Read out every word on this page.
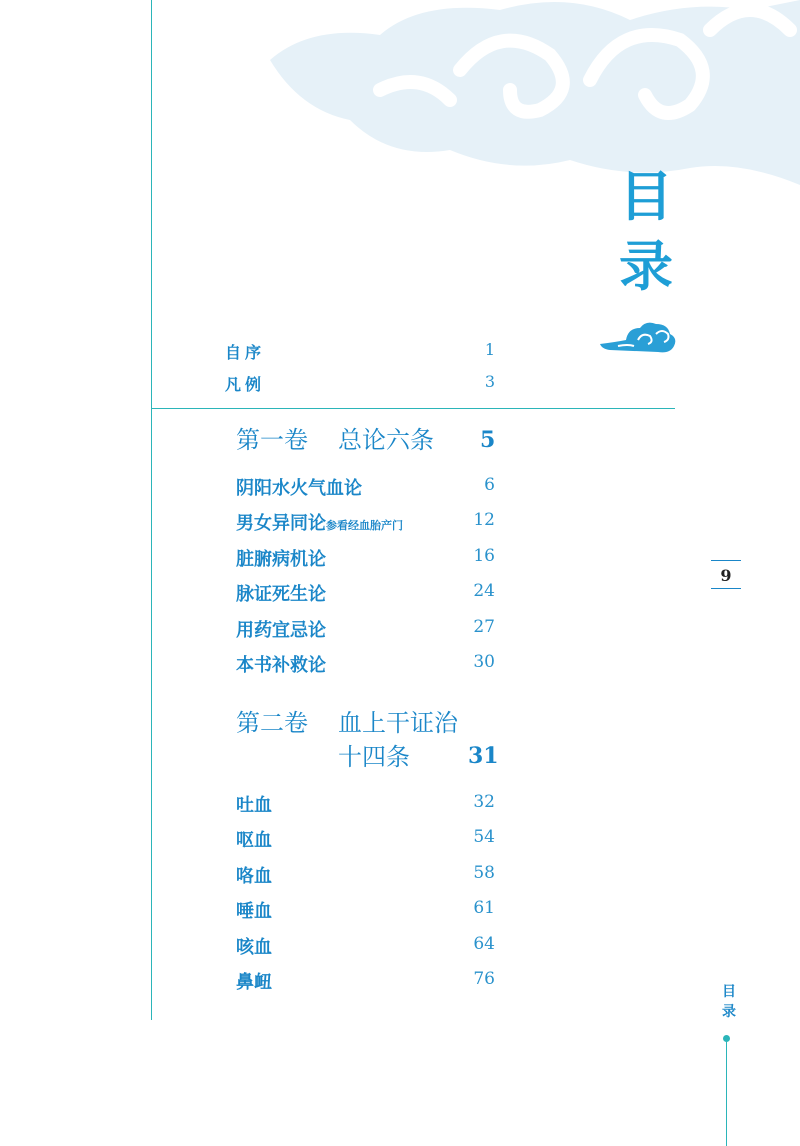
目
录
自序	1
凡例	3
第一卷 总论六条 5
阴阳水火气血论	6
男女异同论参看经血胎产门	12
脏腑病机论	16
脉证死生论	24
用药宜忌论	27
本书补救论	30
第二卷 血上干证治
十四条	31
吐血	32
呕血	54
咯血	58
唾血	61
咳血	64
鼻衄	76
9
目
录
